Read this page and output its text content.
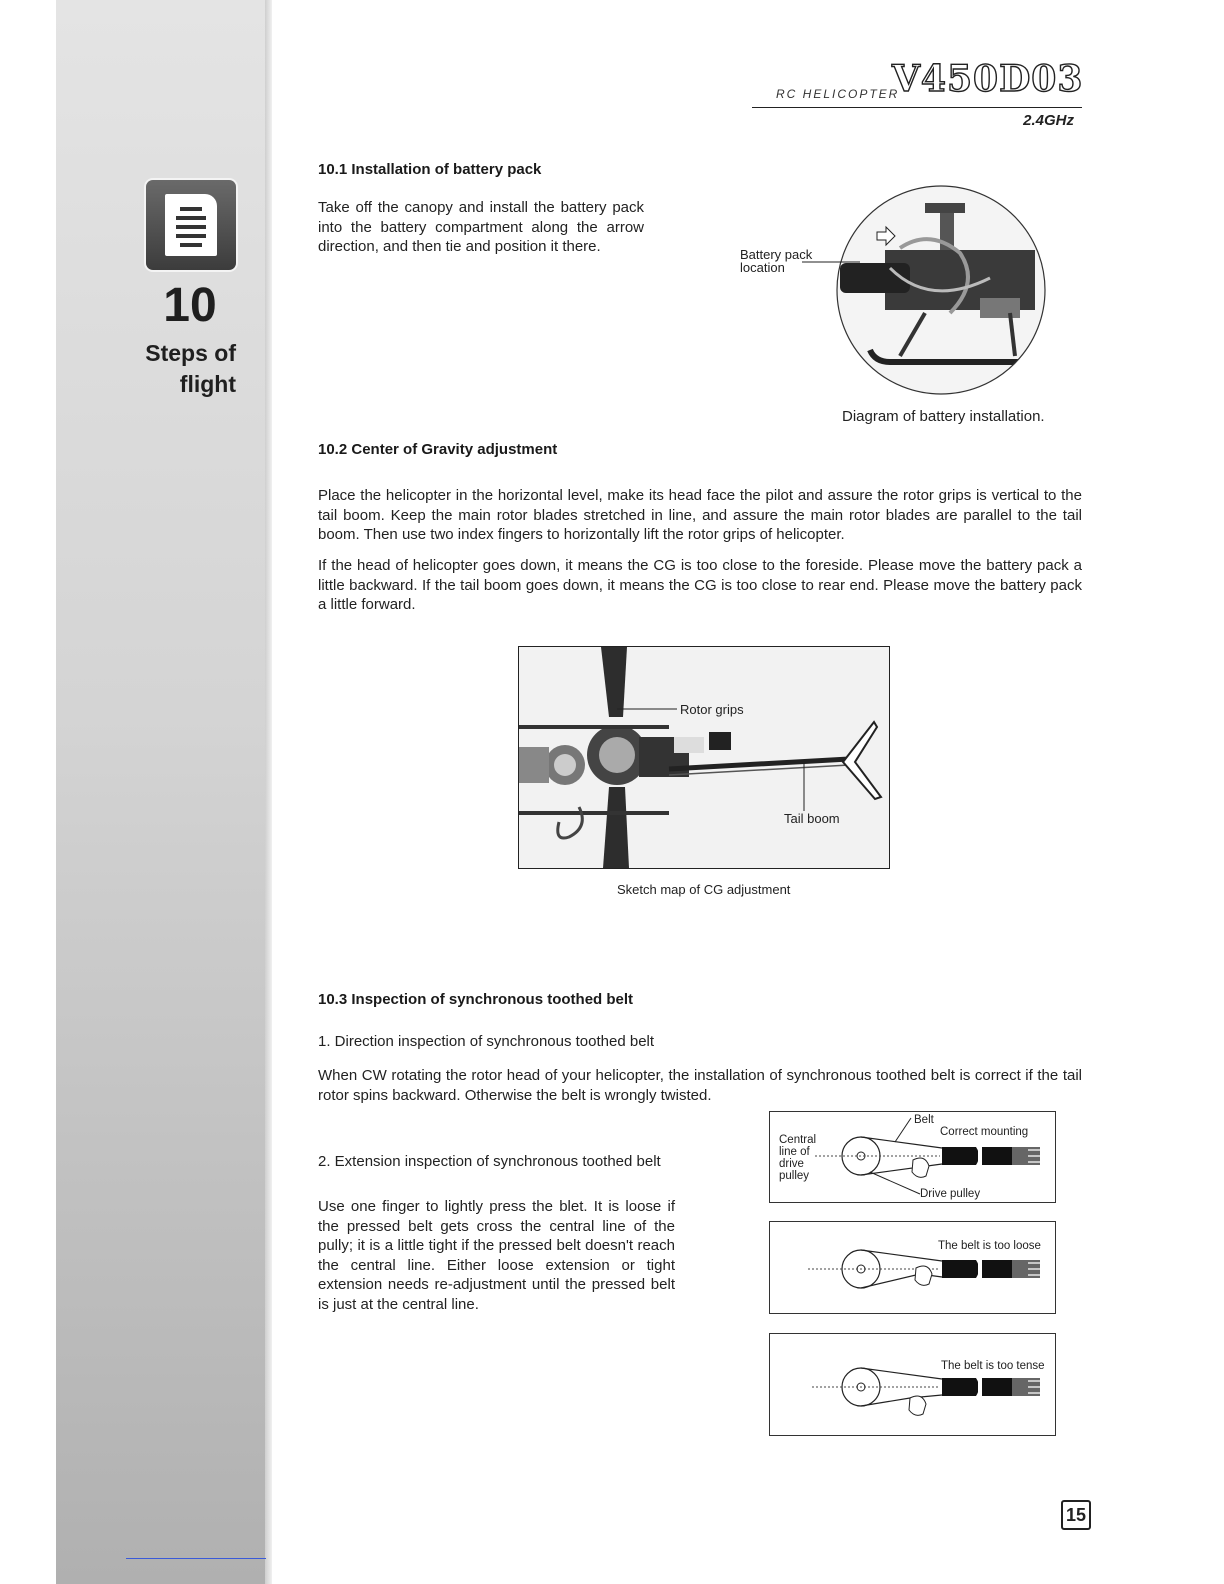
10
Steps of
flight
RC HELICOPTER
V450D03
2.4GHz
10.1 Installation of battery pack

Take off the canopy and install the battery pack into the battery compartment along the arrow direction, and then tie and position it there.	Battery pack
location
Diagram of battery installation.
10.2 Center of Gravity adjustment

Place the helicopter in the horizontal level, make its head face the pilot and assure the rotor grips is vertical to the tail boom. Keep the main rotor blades stretched in line, and assure the main rotor blades are parallel to the tail boom. Then use two index fingers to horizontally lift the rotor grips of helicopter.

If the head of helicopter goes down, it means the CG is too close to the foreside. Please move the battery pack a little backward. If the tail boom goes down, it means the CG is too close to rear end. Please move the battery pack a little forward.

Rotor grips
Tail boom
Sketch map of CG adjustment
10.3 Inspection of synchronous toothed belt
1. Direction inspection of synchronous toothed belt

When CW rotating the rotor head of your helicopter, the installation of synchronous toothed belt is correct if the tail rotor spins backward. Otherwise the belt is wrongly twisted.

2. Extension inspection of synchronous toothed belt

Use one finger to lightly press the blet. It is loose if the pressed belt gets cross the central line of the pully; it is a little tight if the pressed belt doesn't reach the central line. Either loose extension or tight extension needs re-adjustment until the pressed belt is just at the central line.

Belt
Correct mounting
Central
line of
drive
pulley
Drive pulley
The belt is too loose
The belt is too tense
15
